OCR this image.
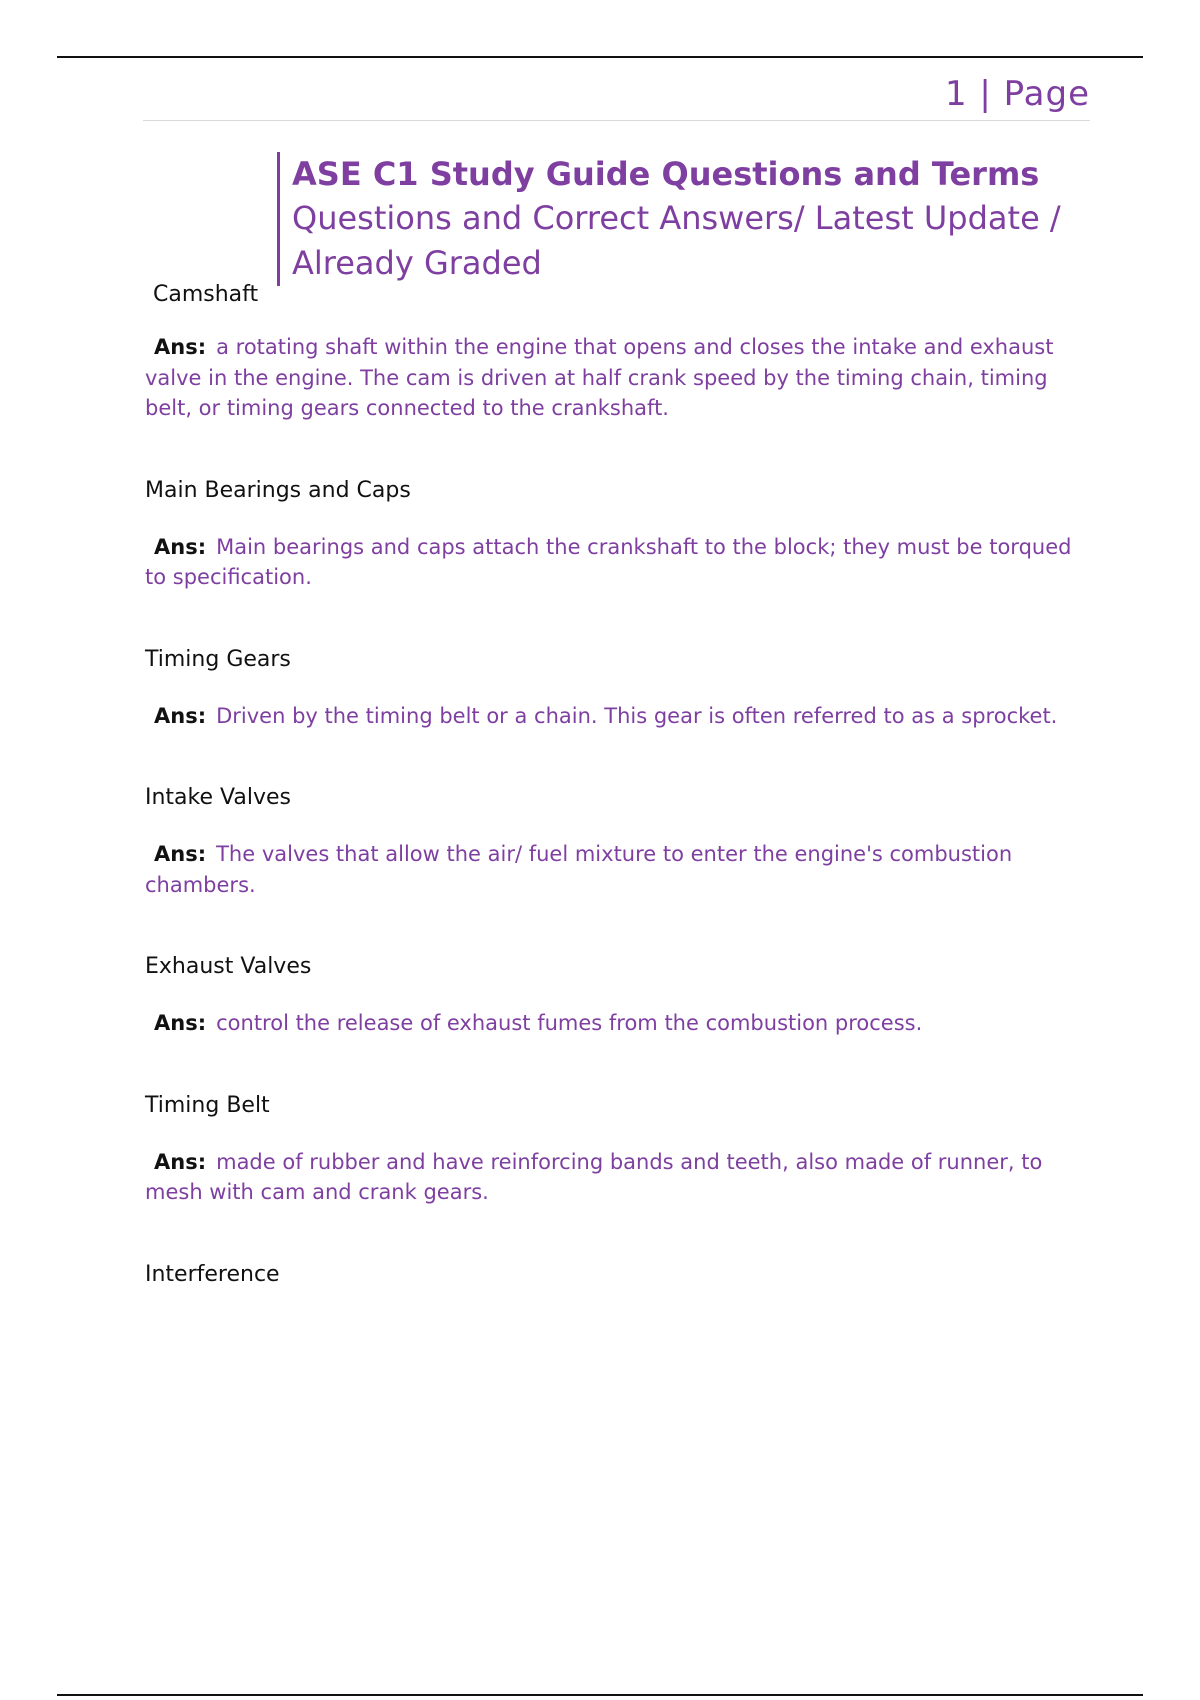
1 | Page
ASE C1 Study Guide Questions and Terms
Questions and Correct Answers/ Latest Update / Already Graded
Camshaft
Ans: a rotating shaft within the engine that opens and closes the intake and exhaust valve in the engine. The cam is driven at half crank speed by the timing chain, timing belt, or timing gears connected to the crankshaft.
Main Bearings and Caps
Ans: Main bearings and caps attach the crankshaft to the block; they must be torqued to specification.
Timing Gears
Ans: Driven by the timing belt or a chain. This gear is often referred to as a sprocket.
Intake Valves
Ans: The valves that allow the air/ fuel mixture to enter the engine's combustion chambers.
Exhaust Valves
Ans: control the release of exhaust fumes from the combustion process.
Timing Belt
Ans: made of rubber and have reinforcing bands and teeth, also made of runner, to mesh with cam and crank gears.
Interference
